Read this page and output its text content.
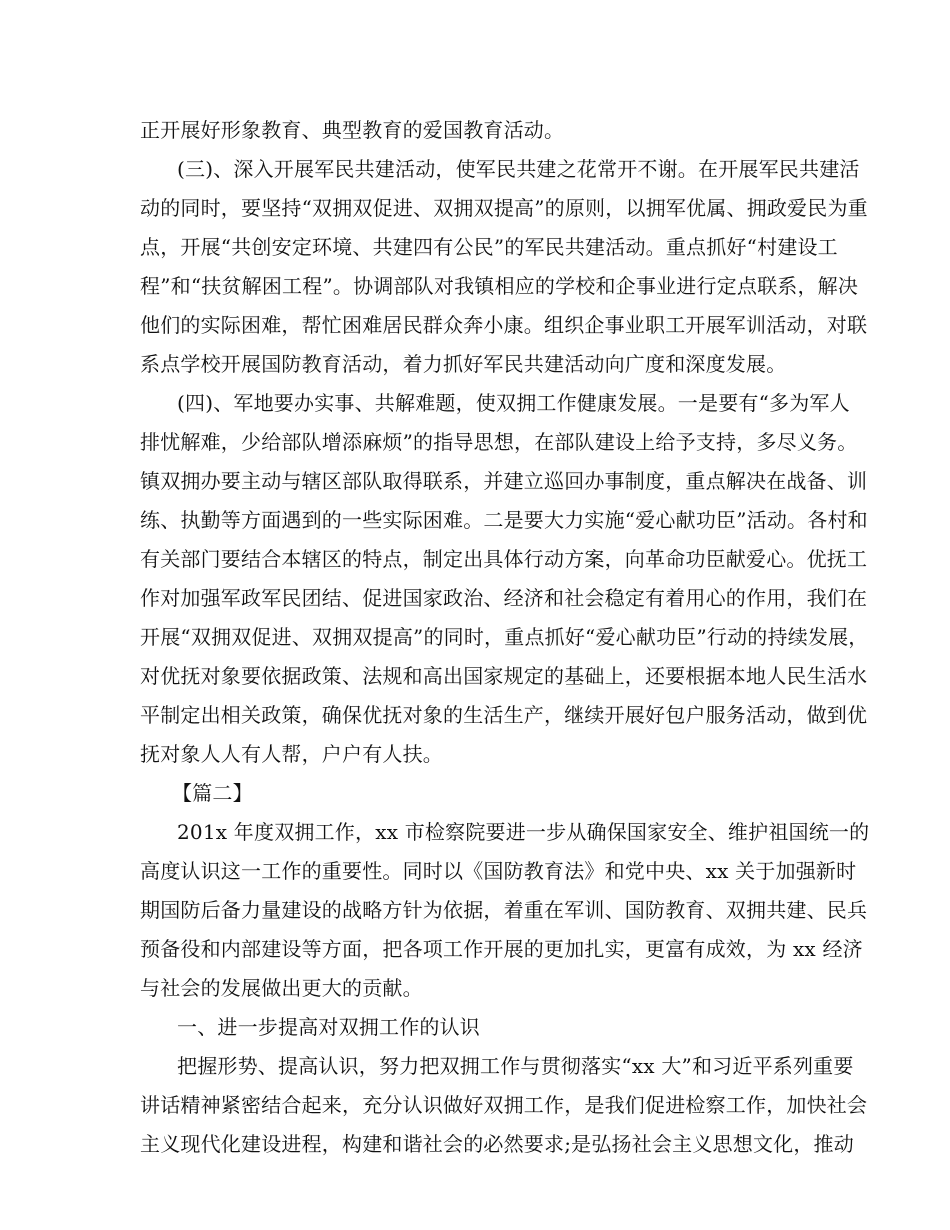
正开展好形象教育、典型教育的爱国教育活动。
(三)、深入开展军民共建活动，使军民共建之花常开不谢。在开展军民共建活
动的同时，要坚持“双拥双促进、双拥双提高”的原则，以拥军优属、拥政爱民为重
点，开展“共创安定环境、共建四有公民”的军民共建活动。重点抓好“村建设工
程”和“扶贫解困工程”。协调部队对我镇相应的学校和企事业进行定点联系，解决
他们的实际困难，帮忙困难居民群众奔小康。组织企事业职工开展军训活动，对联
系点学校开展国防教育活动，着力抓好军民共建活动向广度和深度发展。
(四)、军地要办实事、共解难题，使双拥工作健康发展。一是要有“多为军人
排忧解难，少给部队增添麻烦”的指导思想，在部队建设上给予支持，多尽义务。
镇双拥办要主动与辖区部队取得联系，并建立巡回办事制度，重点解决在战备、训
练、执勤等方面遇到的一些实际困难。二是要大力实施“爱心献功臣”活动。各村和
有关部门要结合本辖区的特点，制定出具体行动方案，向革命功臣献爱心。优抚工
作对加强军政军民团结、促进国家政治、经济和社会稳定有着用心的作用，我们在
开展“双拥双促进、双拥双提高”的同时，重点抓好“爱心献功臣”行动的持续发展，
对优抚对象要依据政策、法规和高出国家规定的基础上，还要根据本地人民生活水
平制定出相关政策，确保优抚对象的生活生产，继续开展好包户服务活动，做到优
抚对象人人有人帮，户户有人扶。
【篇二】
201x 年度双拥工作，xx 市检察院要进一步从确保国家安全、维护祖国统一的
高度认识这一工作的重要性。同时以《国防教育法》和党中央、xx 关于加强新时
期国防后备力量建设的战略方针为依据，着重在军训、国防教育、双拥共建、民兵
预备役和内部建设等方面，把各项工作开展的更加扎实，更富有成效，为 xx 经济
与社会的发展做出更大的贡献。
一、进一步提高对双拥工作的认识
把握形势、提高认识，努力把双拥工作与贯彻落实“xx 大”和习近平系列重要
讲话精神紧密结合起来，充分认识做好双拥工作，是我们促进检察工作，加快社会
主义现代化建设进程，构建和谐社会的必然要求;是弘扬社会主义思想文化，推动
